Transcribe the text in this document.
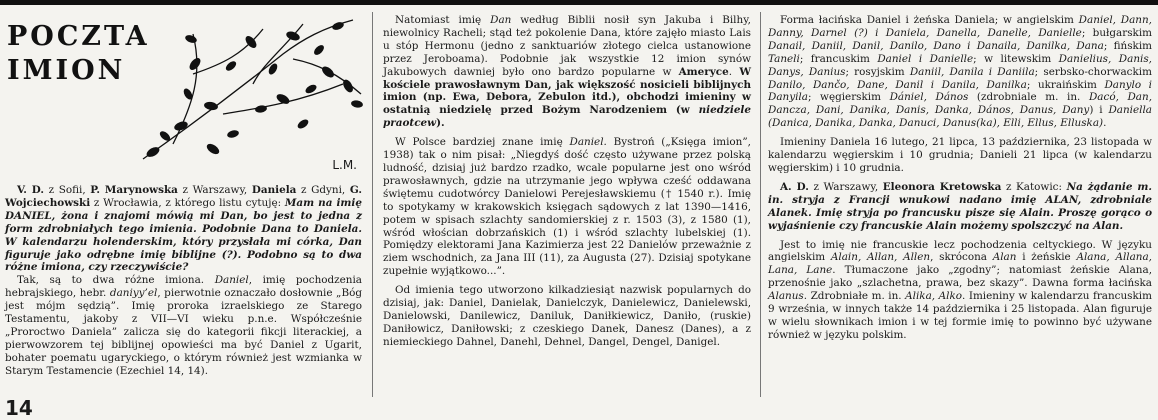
POCZTA
IMION
L.M.

V. D. z Sofii, P. Marynowska z Warszawy, Daniela z Gdyni, G. Wojciechowski z Wrocławia, z którego listu cytuję: Mam na imię DANIEL, żona i znajomi mówią mi Dan, bo jest to jedna z form zdrobniałych tego imienia. Podobnie Dana to Daniela. W kalendarzu holenderskim, który przysłała mi córka, Dan figuruje jako odrębne imię biblijne (?). Podobno są to dwa różne imiona, czy rzeczywiście?

Tak, są to dwa różne imiona. Daniel, imię pochodzenia hebrajskiego, hebr. daniyy’el, pierwotnie oznaczało dosłownie „Bóg jest mójm sędzią”. Imię proroka izraelskiego ze Starego Testamentu, jakoby z VII—VI wieku p.n.e. Współcześnie „Proroctwo Daniela” zalicza się do kategorii fikcji literackiej, a pierwowzorem tej biblijnej opowieści ma być Daniel z Ugarit, bohater poematu ugaryckiego, o którym również jest wzmianka w Starym Testamencie (Ezechiel 14, 14).

Natomiast imię Dan według Biblii nosił syn Jakuba i Bilhy, niewolnicy Racheli; stąd też pokolenie Dana, które zajęło miasto Lais u stóp Hermonu (jedno z sanktuariów złotego cielca ustanowione przez Jeroboama). Podobnie jak wszystkie 12 imion synów Jakubowych dawniej było ono bardzo popularne w Ameryce. W kościele prawosławnym Dan, jak większość nosicieli biblijnych imion (np. Ewa, Debora, Zebulon itd.), obchodzi imieniny w ostatnią niedzielę przed Bożym Narodzeniem (w niedziele praotcew).

W Polsce bardziej znane imię Daniel. Bystroń („Księga imion”, 1938) tak o nim pisał: „Niegdyś dość często używane przez polską ludność, dzisiaj już bardzo rzadko, wcale popularne jest ono wśród prawosławnych, gdzie na utrzymanie jego wpływa cześć oddawana świętemu cudotwórcy Danielowi Perejesławskiemu († 1540 r.). Imię to spotykamy w krakowskich księgach sądowych z lat 1390—1416, potem w spisach szlachty sandomierskiej z r. 1503 (3), z 1580 (1), wśród włościan dobrzańskich (1) i wśród szlachty lubelskiej (1). Pomiędzy elektorami Jana Kazimierza jest 22 Danielów przeważnie z ziem wschodnich, za Jana III (11), za Augusta (27). Dzisiaj spotykane zupełnie wyjątkowo...”.

Od imienia tego utworzono kilkadziesiąt nazwisk popularnych do dzisiaj, jak: Daniel, Danielak, Danielczyk, Danielewicz, Danielewski, Danielowski, Danilewicz, Daniluk, Daniłkiewicz, Daniło, (ruskie) Daniłowicz, Daniłowski; z czeskiego Danek, Danesz (Danes), a z niemieckiego Dahnel, Danehl, Dehnel, Dangel, Dengel, Danigel.

Forma łacińska Daniel i żeńska Daniela; w angielskim Daniel, Dann, Danny, Darnel (?) i Daniela, Danella, Danelle, Danielle; bułgarskim Danail, Daniil, Danil, Danilo, Dano i Danaila, Danilka, Dana; fińskim Taneli; francuskim Daniel i Danielle; w litewskim Danielius, Danis, Danys, Danius; rosyjskim Daniil, Danila i Daniila; serbsko-chorwackim Danilo, Dančo, Dane, Danil i Danila, Danilka; ukraińskim Danylo i Danyila; węgierskim Dániel, Dános (zdrobniale m. in. Dacó, Dan, Dancza, Dani, Danika, Danis, Danka, Dános, Danus, Dany) i Daniella (Danica, Danika, Danka, Danuci, Danus(ka), Elli, Ellus, Elluska).

Imieniny Daniela 16 lutego, 21 lipca, 13 października, 23 listopada w kalendarzu węgierskim i 10 grudnia; Danieli 21 lipca (w kalendarzu węgierskim) i 10 grudnia.

A. D. z Warszawy, Eleonora Kretowska z Katowic: Na żądanie m. in. stryja z Francji wnukowi nadano imię ALAN, zdrobniale Alanek. Imię stryja po francusku pisze się Alain. Proszę gorąco o wyjaśnienie czy francuskie Alain możemy spolszczyć na Alan.

Jest to imię nie francuskie lecz pochodzenia celtyckiego. W języku angielskim Alain, Allan, Allen, skrócona Alan i żeńskie Alana, Allana, Lana, Lane. Tłumaczone jako „zgodny”; natomiast żeńskie Alana, przenośnie jako „szlachetna, prawa, bez skazy”. Dawna forma łacińska Alanus. Zdrobniałe m. in. Alika, Alko. Imieniny w kalendarzu francuskim 9 września, w innych także 14 października i 25 listopada. Alan figuruje w wielu słownikach imion i w tej formie imię to powinno być używane również w języku polskim.

14
